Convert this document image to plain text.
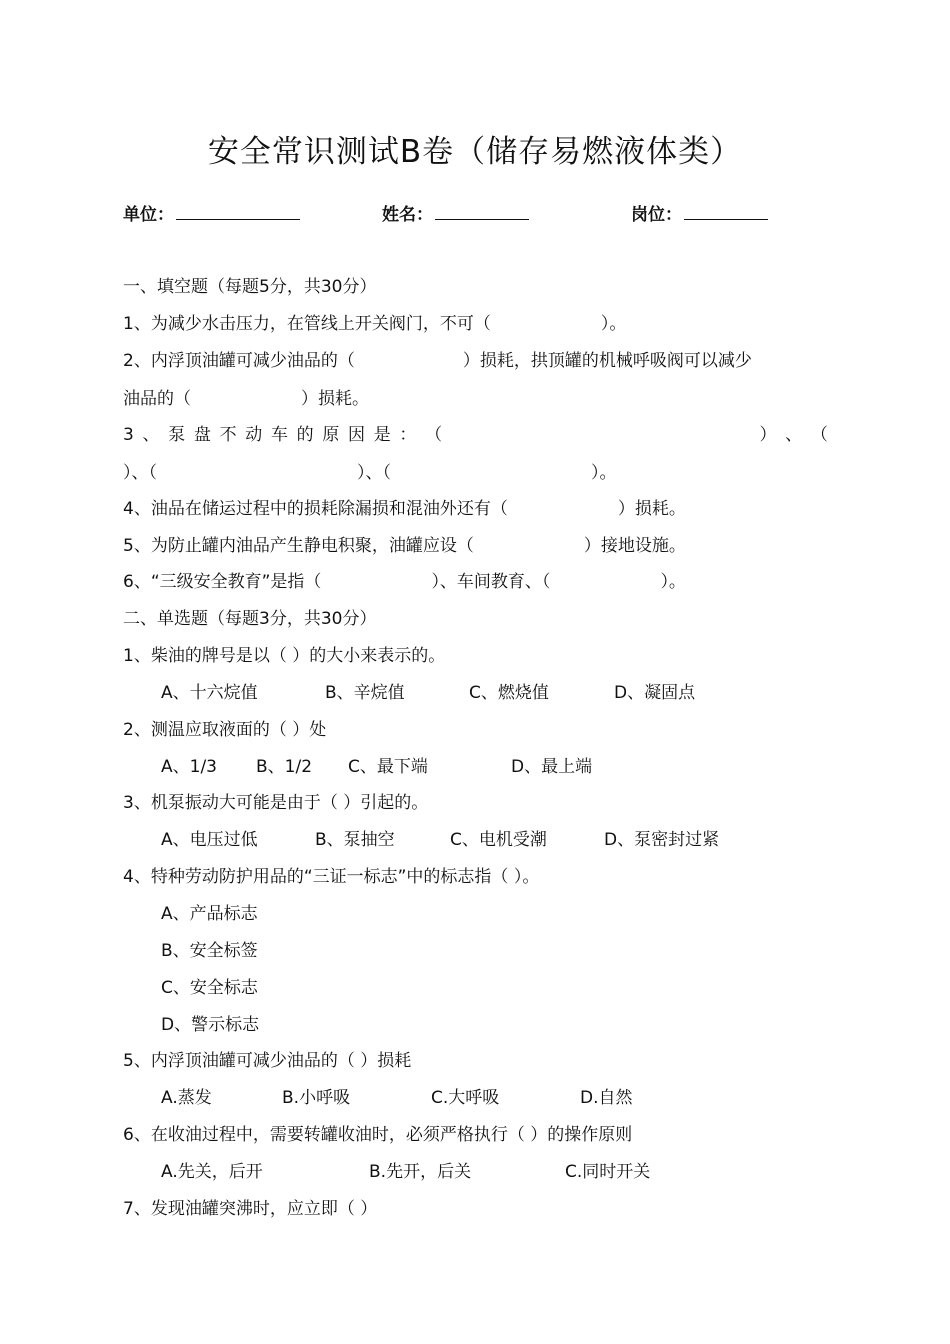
安全常识测试B卷（储存易燃液体类）
单位：	姓名：	岗位：
一、填空题（每题5分，共30分）
1、为减少水击压力，在管线上开关阀门，不可（	）。
2、内浮顶油罐可减少油品的（	）损耗，拱顶罐的机械呼吸阀可以减少
油品的（	）损耗。
3 、 泵 盘 不 动 车 的 原 因 是 ： （	） 、 （
）、（	）、（	）。
4、油品在储运过程中的损耗除漏损和混油外还有（	）损耗。
5、为防止罐内油品产生静电积聚，油罐应设（	）接地设施。
6、“三级安全教育”是指（	）、车间教育、（	）。
二、单选题（每题3分，共30分）
1、柴油的牌号是以（ ）的大小来表示的。
A、十六烷值	B、辛烷值	C、燃烧值	D、凝固点
2、测温应取液面的（ ）处
A、1/3 B、1/2 C、最下端	D、最上端
3、机泵振动大可能是由于（ ）引起的。
A、电压过低	B、泵抽空	C、电机受潮	D、泵密封过紧
4、特种劳动防护用品的“三证一标志”中的标志指（ ）。
A、产品标志
B、安全标签
C、安全标志
D、警示标志
5、内浮顶油罐可减少油品的（ ）损耗
A.蒸发	B.小呼吸	C.大呼吸	D.自然
6、在收油过程中，需要转罐收油时，必须严格执行（ ）的操作原则
A.先关，后开	B.先开，后关	C.同时开关
7、发现油罐突沸时，应立即（ ）
